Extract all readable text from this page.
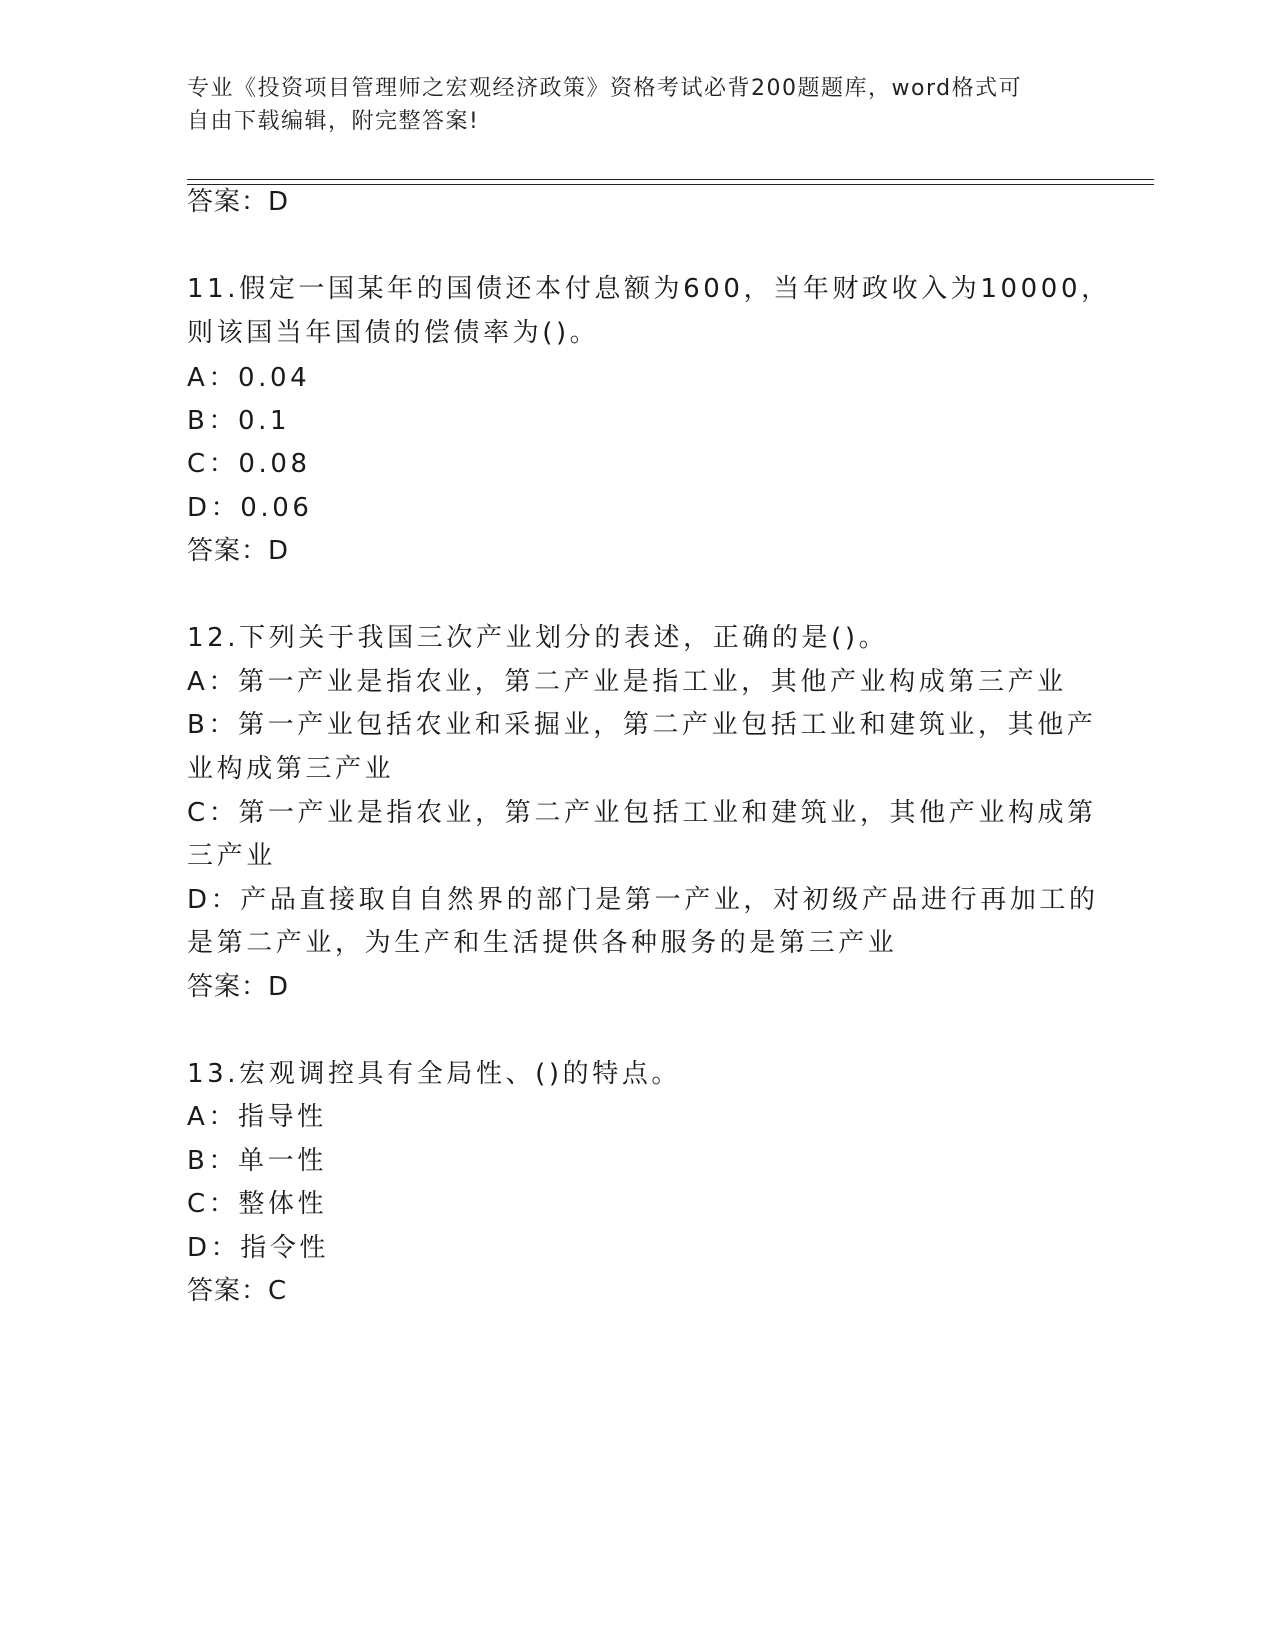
专业《投资项目管理师之宏观经济政策》资格考试必背200题题库，word格式可
自由下载编辑，附完整答案!
答案：D
11.假定一国某年的国债还本付息额为600，当年财政收入为10000，
则该国当年国债的偿债率为()。
A：0.04
B：0.1
C：0.08
D：0.06
答案：D
12.下列关于我国三次产业划分的表述，正确的是()。
A：第一产业是指农业，第二产业是指工业，其他产业构成第三产业
B：第一产业包括农业和采掘业，第二产业包括工业和建筑业，其他产
业构成第三产业
C：第一产业是指农业，第二产业包括工业和建筑业，其他产业构成第
三产业
D：产品直接取自自然界的部门是第一产业，对初级产品进行再加工的
是第二产业，为生产和生活提供各种服务的是第三产业
答案：D
13.宏观调控具有全局性、()的特点。
A：指导性
B：单一性
C：整体性
D：指令性
答案：C
